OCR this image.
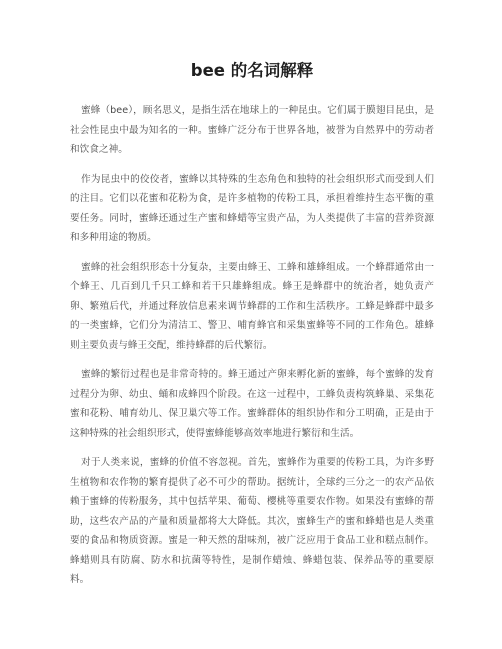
bee 的名词解释

蜜蜂（bee），顾名思义，是指生活在地球上的一种昆虫。它们属于膜翅目昆虫，是社会性昆虫中最为知名的一种。蜜蜂广泛分布于世界各地，被誉为自然界中的劳动者和饮食之神。

作为昆虫中的佼佼者，蜜蜂以其特殊的生态角色和独特的社会组织形式而受到人们的注目。它们以花蜜和花粉为食，是许多植物的传粉工具，承担着维持生态平衡的重要任务。同时，蜜蜂还通过生产蜜和蜂蜡等宝贵产品，为人类提供了丰富的营养资源和多种用途的物质。

蜜蜂的社会组织形态十分复杂，主要由蜂王、工蜂和雄蜂组成。一个蜂群通常由一个蜂王、几百到几千只工蜂和若干只雄蜂组成。蜂王是蜂群中的统治者，她负责产卵、繁殖后代，并通过释放信息素来调节蜂群的工作和生活秩序。工蜂是蜂群中最多的一类蜜蜂，它们分为清洁工、警卫、哺育蜂官和采集蜜蜂等不同的工作角色。雄蜂则主要负责与蜂王交配，维持蜂群的后代繁衍。

蜜蜂的繁衍过程也是非常奇特的。蜂王通过产卵来孵化新的蜜蜂，每个蜜蜂的发育过程分为卵、幼虫、蛹和成蜂四个阶段。在这一过程中，工蜂负责构筑蜂巢、采集花蜜和花粉、哺育幼儿、保卫巢穴等工作。蜜蜂群体的组织协作和分工明确，正是由于这种特殊的社会组织形式，使得蜜蜂能够高效率地进行繁衍和生活。

对于人类来说，蜜蜂的价值不容忽视。首先，蜜蜂作为重要的传粉工具，为许多野生植物和农作物的繁育提供了必不可少的帮助。据统计，全球约三分之一的农产品依赖于蜜蜂的传粉服务，其中包括苹果、葡萄、樱桃等重要农作物。如果没有蜜蜂的帮助，这些农产品的产量和质量都将大大降低。其次，蜜蜂生产的蜜和蜂蜡也是人类重要的食品和物质资源。蜜是一种天然的甜味剂，被广泛应用于食品工业和糕点制作。蜂蜡则具有防腐、防水和抗菌等特性，是制作蜡烛、蜂蜡包装、保养品等的重要原料。
